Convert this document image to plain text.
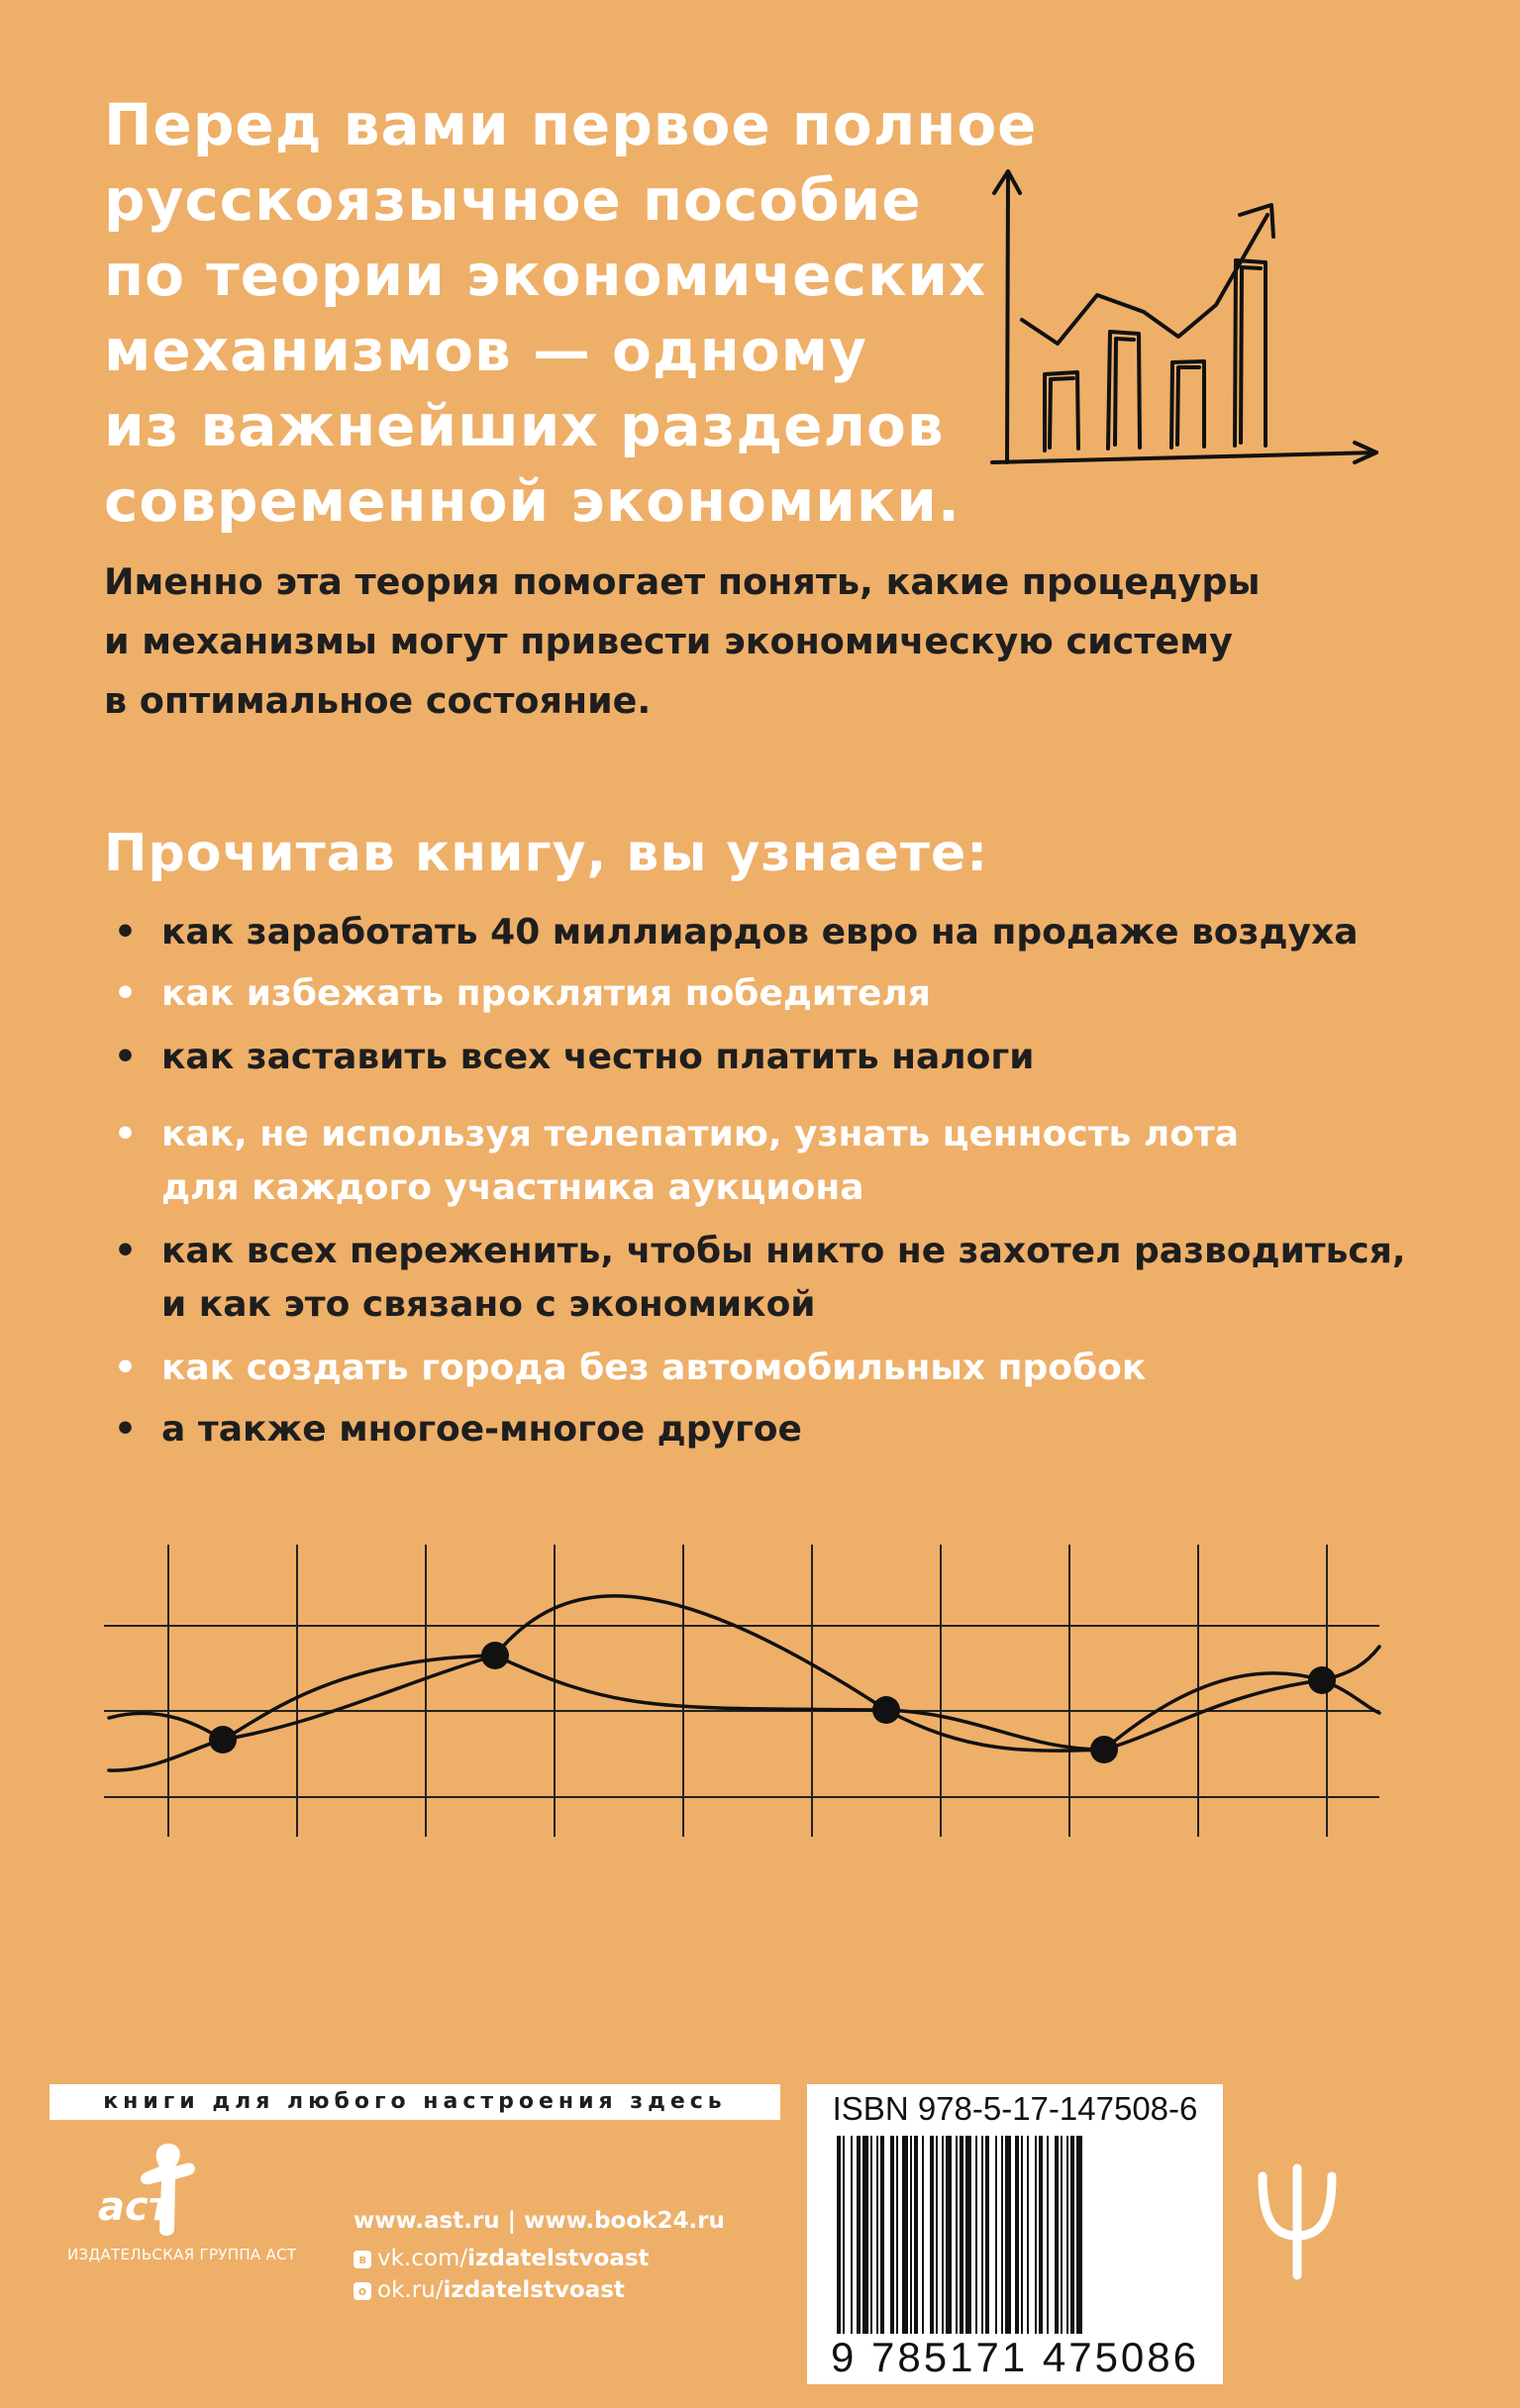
Перед вами первое полное
русскоязычное пособие
по теории экономических
механизмов — одному
из важнейших разделов
современной экономики.
Именно эта теория помогает понять, какие процедуры
и механизмы могут привести экономическую систему
в оптимальное состояние.
Прочитав книгу, вы узнаете:
• как заработать 40 миллиардов евро на продаже воздуха
• как избежать проклятия победителя
• как заставить всех честно платить налоги
• как, не используя телепатию, узнать ценность лота
для каждого участника аукциона
• как всех переженить, чтобы никто не захотел разводиться,
и как это связано с экономикой
• как создать города без автомобильных пробок
• а также многое-многое другое
книги для любого настроения здесь
аст
ИЗДАТЕЛЬСКАЯ ГРУППА АСТ
www.ast.ru | www.book24.ru
в vk.com/izdatelstvoast
о ok.ru/izdatelstvoast
ISBN 978-5-17-147508-6
9 785171 475086
